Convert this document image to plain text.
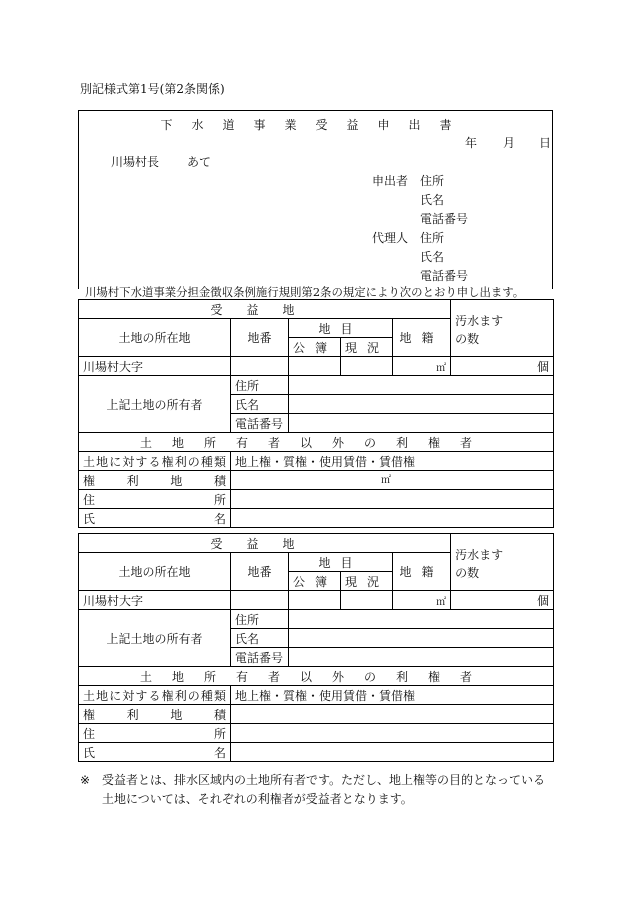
別記様式第1号(第2条関係)
下水道事業受益申出書
年 月 日
川場村長 あて
申出者 住所
氏名
電話番号
代理人 住所
氏名
電話番号
川場村下水道事業分担金徴収条例施行規則第2条の規定により次のとおり申し出ます。
受益地					汚水ます
の数
土地の所在地	地番	地目		地籍	
		公簿	現況		
川場村大字				㎡	個
上記土地の所有者	住所				
	氏名				
	電話番号				
土地所有者以外の利権者					
土地に対する権利の種類	地上権・質権・使用賃借・賃借権				
権利地積	㎡				
住所					
氏名					
受益地					汚水ます
の数
土地の所在地	地番	地目		地籍	
		公簿	現況		
川場村大字				㎡	個
上記土地の所有者	住所				
	氏名				
	電話番号				
土地所有者以外の利権者					
土地に対する権利の種類	地上権・質権・使用賃借・賃借権				
権利地積					
住所					
氏名					
※ 受益者とは、排水区域内の土地所有者です。ただし、地上権等の目的となっている土地については、それぞれの利権者が受益者となります。
